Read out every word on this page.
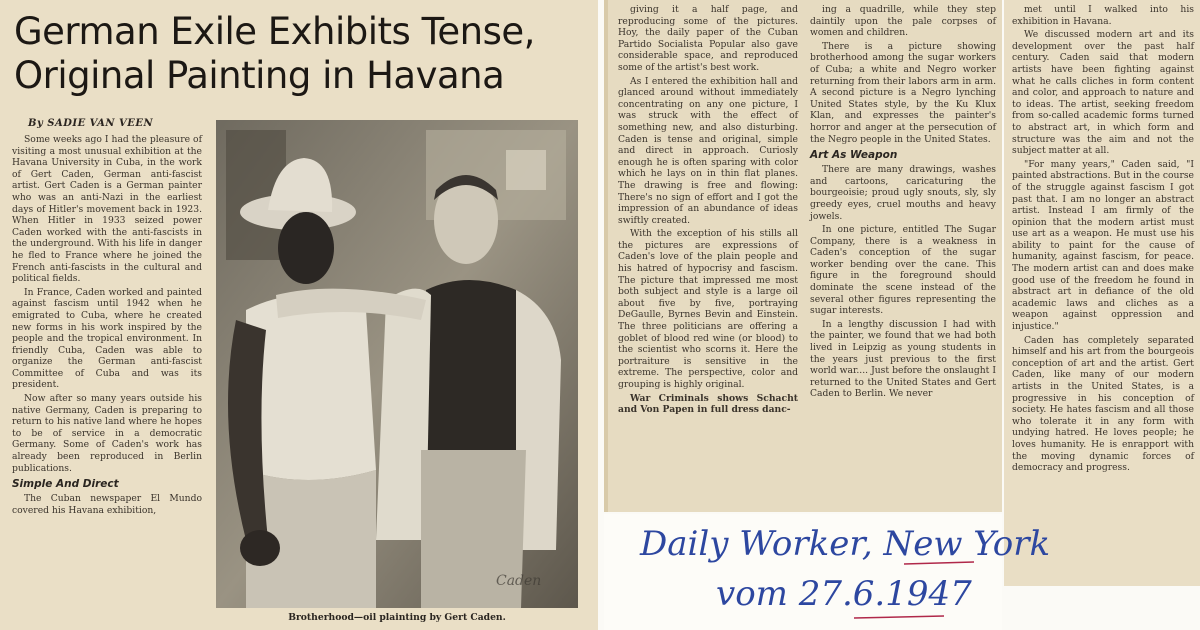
German Exile Exhibits Tense, Original Painting in Havana
By SADIE VAN VEEN

Some weeks ago I had the pleasure of visiting a most unusual exhibition at the Havana University in Cuba, in the work of Gert Caden, German anti-fascist artist. Gert Caden is a German painter who was an anti-Nazi in the earliest days of Hitler's movement back in 1923. When Hitler in 1933 seized power Caden worked with the anti-fascists in the underground. With his life in danger he fled to France where he joined the French anti-fascists in the cultural and political fields.

In France, Caden worked and painted against fascism until 1942 when he emigrated to Cuba, where he created new forms in his work inspired by the people and the tropical environment. In friendly Cuba, Caden was able to organize the German anti-fascist Committee of Cuba and was its president.

Now after so many years outside his native Germany, Caden is preparing to return to his native land where he hopes to be of service in a democratic Germany. Some of Caden's work has already been reproduced in Berlin publications.

Simple And Direct

The Cuban newspaper El Mundo covered his Havana exhibition,

Caden
Brotherhood—oil plainting by Gert Caden.

giving it a half page, and reproducing some of the pictures. Hoy, the daily paper of the Cuban Partido Socialista Popular also gave considerable space, and reproduced some of the artist's best work.

As I entered the exhibition hall and glanced around without immediately concentrating on any one picture, I was struck with the effect of something new, and also disturbing. Caden is tense and original, simple and direct in approach. Curiosly enough he is often sparing with color which he lays on in thin flat planes. The drawing is free and flowing: There's no sign of effort and I got the impression of an abundance of ideas swiftly created.

With the exception of his stills all the pictures are expressions of Caden's love of the plain people and his hatred of hypocrisy and fascism. The picture that impressed me most both subject and style is a large oil about five by five, portraying DeGaulle, Byrnes Bevin and Einstein. The three politicians are offering a goblet of blood red wine (or blood) to the scientist who scorns it. Here the portraiture is sensitive in the extreme. The perspective, color and grouping is highly original.

War Criminals shows Schacht and Von Papen in full dress danc-

ing a quadrille, while they step daintily upon the pale corpses of women and children.

There is a picture showing brotherhood among the sugar workers of Cuba; a white and Negro worker returning from their labors arm in arm. A second picture is a Negro lynching United States style, by the Ku Klux Klan, and expresses the painter's horror and anger at the persecution of the Negro people in the United States.

Art As Weapon

There are many drawings, washes and cartoons, caricaturing the bourgeoisie; proud ugly snouts, sly, sly greedy eyes, cruel mouths and heavy jowels.

In one picture, entitled The Sugar Company, there is a weakness in Caden's conception of the sugar worker bending over the cane. This figure in the foreground should dominate the scene instead of the several other figures representing the sugar interests.

In a lengthy discussion I had with the painter, we found that we had both lived in Leipzig as young students in the years just previous to the first world war.... Just before the onslaught I returned to the United States and Gert Caden to Berlin. We never

met until I walked into his exhibition in Havana.

We discussed modern art and its development over the past half century. Caden said that modern artists have been fighting against what he calls cliches in form content and color, and approach to nature and to ideas. The artist, seeking freedom from so-called academic forms turned to abstract art, in which form and structure was the aim and not the subject matter at all.

"For many years," Caden said, "I painted abstractions. But in the course of the struggle against fascism I got past that. I am no longer an abstract artist. Instead I am firmly of the opinion that the modern artist must use art as a weapon. He must use his ability to paint for the cause of humanity, against fascism, for peace. The modern artist can and does make good use of the freedom he found in abstract art in defiance of the old academic laws and cliches as a weapon against oppression and injustice."

Caden has completely separated himself and his art from the bourgeois conception of art and the artist. Gert Caden, like many of our modern artists in the United States, is a progressive in his conception of society. He hates fascism and all those who tolerate it in any form with undying hatred. He loves people; he loves humanity. He is enrapport with the moving dynamic forces of democracy and progress.

Daily Worker, New York
vom 27.6.1947
